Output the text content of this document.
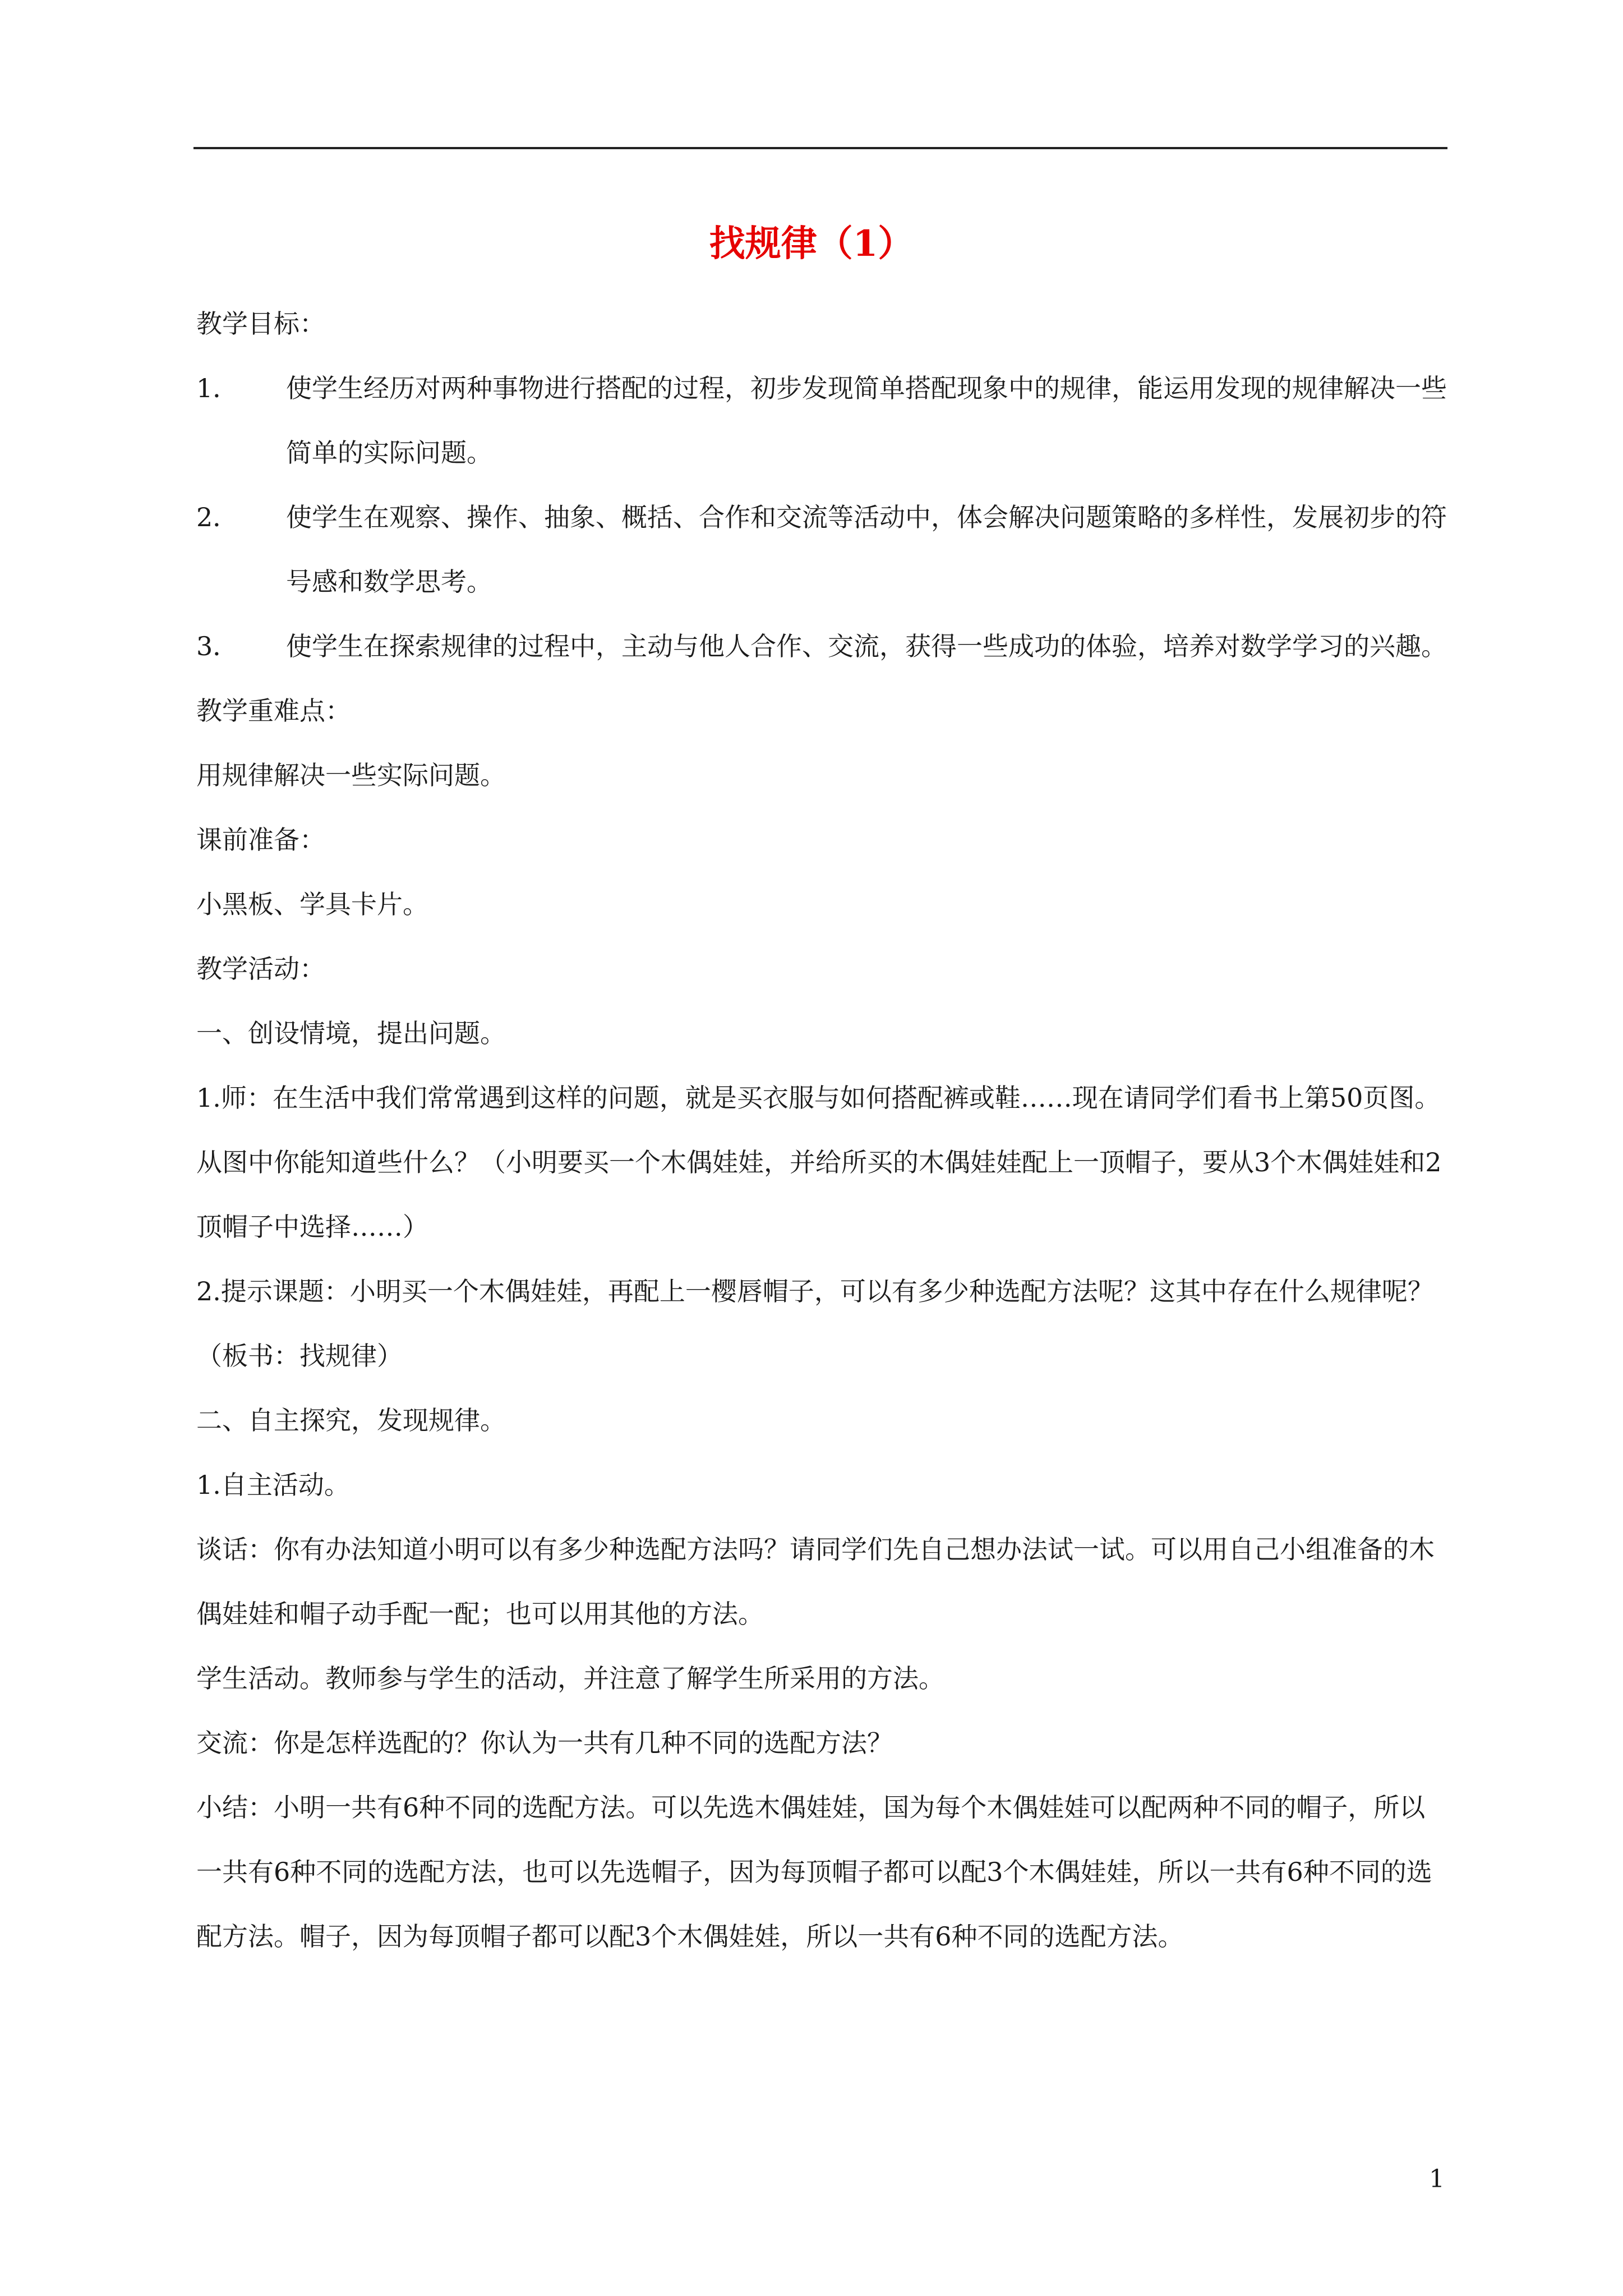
找规律（1）

教学目标：

1． 使学生经历对两种事物进行搭配的过程，初步发现简单搭配现象中的规律，能运用发现的规律解决一些简单的实际问题。
2． 使学生在观察、操作、抽象、概括、合作和交流等活动中，体会解决问题策略的多样性，发展初步的符号感和数学思考。
3． 使学生在探索规律的过程中，主动与他人合作、交流，获得一些成功的体验，培养对数学学习的兴趣。

教学重难点：

用规律解决一些实际问题。

课前准备：

小黑板、学具卡片。

教学活动：

一、创设情境，提出问题。

1.师：在生活中我们常常遇到这样的问题，就是买衣服与如何搭配裤或鞋……现在请同学们看书上第50页图。从图中你能知道些什么？（小明要买一个木偶娃娃，并给所买的木偶娃娃配上一顶帽子，要从3个木偶娃娃和2顶帽子中选择……）

2.提示课题：小明买一个木偶娃娃，再配上一樱唇帽子，可以有多少种选配方法呢？这其中存在什么规律呢？（板书：找规律）

二、自主探究，发现规律。

1.自主活动。

谈话：你有办法知道小明可以有多少种选配方法吗？请同学们先自己想办法试一试。可以用自己小组准备的木偶娃娃和帽子动手配一配；也可以用其他的方法。

学生活动。教师参与学生的活动，并注意了解学生所采用的方法。

交流：你是怎样选配的？你认为一共有几种不同的选配方法？

小结：小明一共有6种不同的选配方法。可以先选木偶娃娃，国为每个木偶娃娃可以配两种不同的帽子，所以一共有6种不同的选配方法，也可以先选帽子，因为每顶帽子都可以配3个木偶娃娃，所以一共有6种不同的选配方法。帽子，因为每顶帽子都可以配3个木偶娃娃，所以一共有6种不同的选配方法。

1
